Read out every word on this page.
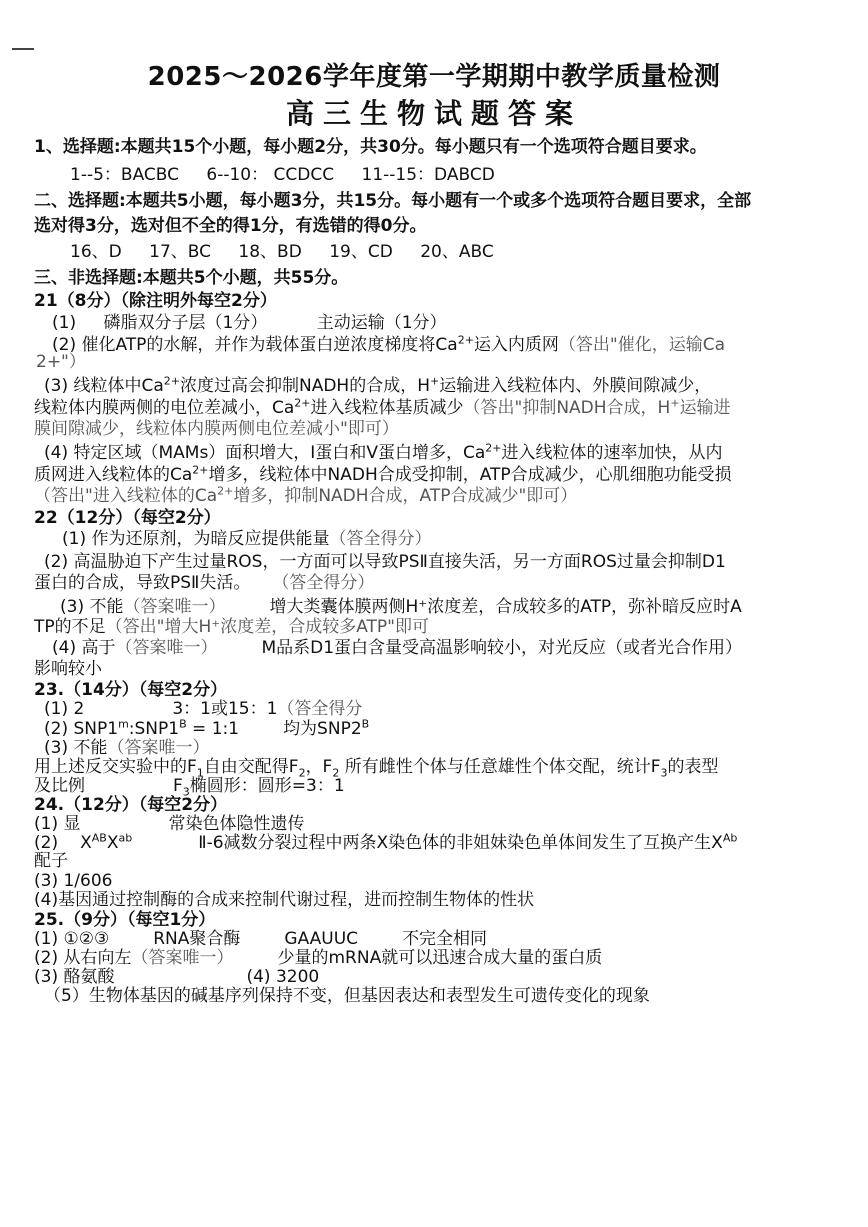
2025～2026学年度第一学期期中教学质量检测
高三生物试题答案
1、选择题:本题共15个小题，每小题2分，共30分。每小题只有一个选项符合题目要求。
1--5：BACBC 6--10： CCDCC 11--15：DABCD
二、选择题:本题共5小题，每小题3分，共15分。每小题有一个或多个选项符合题目要求，全部
选对得3分，选对但不全的得1分，有选错的得0分。
16、D 17、BC 18、BD 19、CD 20、ABC
三、非选择题:本题共5个小题，共55分。
21（8分）（除注明外每空2分）
(1) 磷脂双分子层（1分）	主动运输（1分）
(2) 催化ATP的水解，并作为载体蛋白逆浓度梯度将$Ca^{2+}$运入内质网（答出"催化，运输Ca
2+"）
(3) 线粒体中$Ca^{2+}$浓度过高会抑制NADH的合成，H+运输进入线粒体内、外膜间隙减少，
线粒体内膜两侧的电位差减小，$Ca^{2+}$进入线粒体基质减少（答出"抑制NADH合成，H+运输进
膜间隙减少，线粒体内膜两侧电位差减小"即可）
(4) 特定区域（MAMs）面积增大，I蛋白和V蛋白增多，$Ca^{2+}$进入线粒体的速率加快，从内
质网进入线粒体的$Ca^{2+}$增多，线粒体中NADH合成受抑制，ATP合成减少，心肌细胞功能受损
（答出"进入线粒体的$Ca^{2+}$增多，抑制NADH合成，ATP合成减少"即可）
22（12分）（每空2分）
(1) 作为还原剂，为暗反应提供能量（答全得分）
(2) 高温胁迫下产生过量ROS，一方面可以导致PSⅡ直接失活，另一方面ROS过量会抑制D1
蛋白的合成，导致PSⅡ失活。 （答全得分）
(3) 不能（答案唯一）	增大类囊体膜两侧H⁺浓度差，合成较多的ATP，弥补暗反应时A
TP的不足（答出"增大H⁺浓度差，合成较多ATP"即可
(4) 高于（答案唯一）	M品系D1蛋白含量受高温影响较小，对光反应（或者光合作用）
影响较小
23.（14分）（每空2分）
(1) 2	3：1或15：1（答全得分
(2) $SNP1^m:SNP1^B$ = 1:1	均为$SNP2^B$
(3) 不能（答案唯一）
用上述反交实验中的$F_1$自由交配得$F_2$，$F_2$ 所有雌性个体与任意雄性个体交配，统计$F_3$的表型
及比例	$F_3$椭圆形：圆形=3：1
24.（12分）（每空2分）
(1) 显	常染色体隐性遗传
(2) $X^{AB}X^{ab}$	Ⅱ-6减数分裂过程中两条X染色体的非姐妹染色单体间发生了互换产生$X^{Ab}$
配子
(3) 1/606
(4)基因通过控制酶的合成来控制代谢过程，进而控制生物体的性状
25.（9分）（每空1分）
(1) ①②③	RNA聚合酶	GAAUUC	不完全相同
(2) 从右向左（答案唯一）	少量的mRNA就可以迅速合成大量的蛋白质
(3) 酪氨酸	(4) 3200
（5）生物体基因的碱基序列保持不变，但基因表达和表型发生可遗传变化的现象
